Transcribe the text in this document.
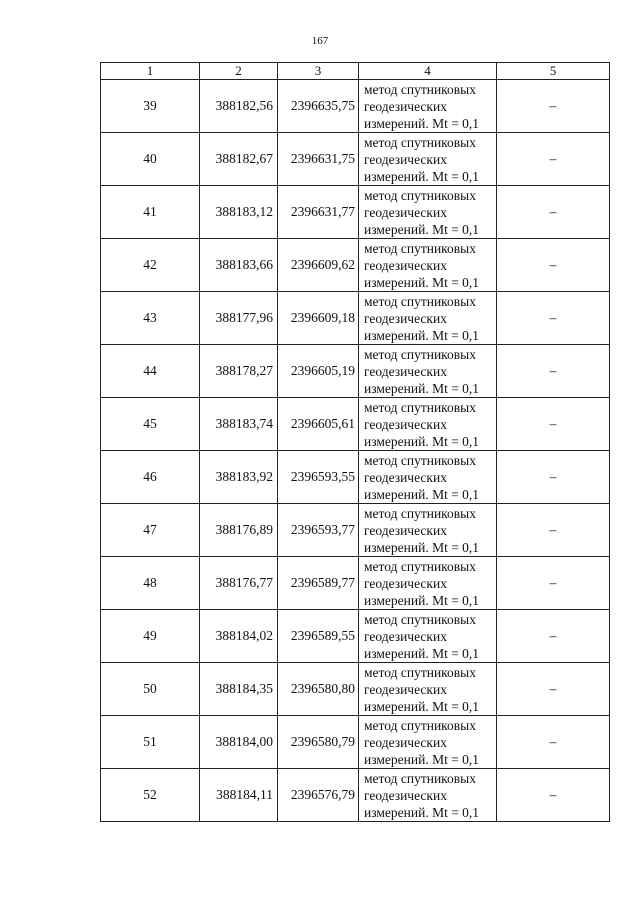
167
1	2	3	4	5
39	388182,56	2396635,75	метод спутниковых
геодезических
измерений. Mt = 0,1	–
40	388182,67	2396631,75	метод спутниковых
геодезических
измерений. Mt = 0,1	–
41	388183,12	2396631,77	метод спутниковых
геодезических
измерений. Mt = 0,1	–
42	388183,66	2396609,62	метод спутниковых
геодезических
измерений. Mt = 0,1	–
43	388177,96	2396609,18	метод спутниковых
геодезических
измерений. Mt = 0,1	–
44	388178,27	2396605,19	метод спутниковых
геодезических
измерений. Mt = 0,1	–
45	388183,74	2396605,61	метод спутниковых
геодезических
измерений. Mt = 0,1	–
46	388183,92	2396593,55	метод спутниковых
геодезических
измерений. Mt = 0,1	–
47	388176,89	2396593,77	метод спутниковых
геодезических
измерений. Mt = 0,1	–
48	388176,77	2396589,77	метод спутниковых
геодезических
измерений. Mt = 0,1	–
49	388184,02	2396589,55	метод спутниковых
геодезических
измерений. Mt = 0,1	–
50	388184,35	2396580,80	метод спутниковых
геодезических
измерений. Mt = 0,1	–
51	388184,00	2396580,79	метод спутниковых
геодезических
измерений. Mt = 0,1	–
52	388184,11	2396576,79	метод спутниковых
геодезических
измерений. Mt = 0,1	–
